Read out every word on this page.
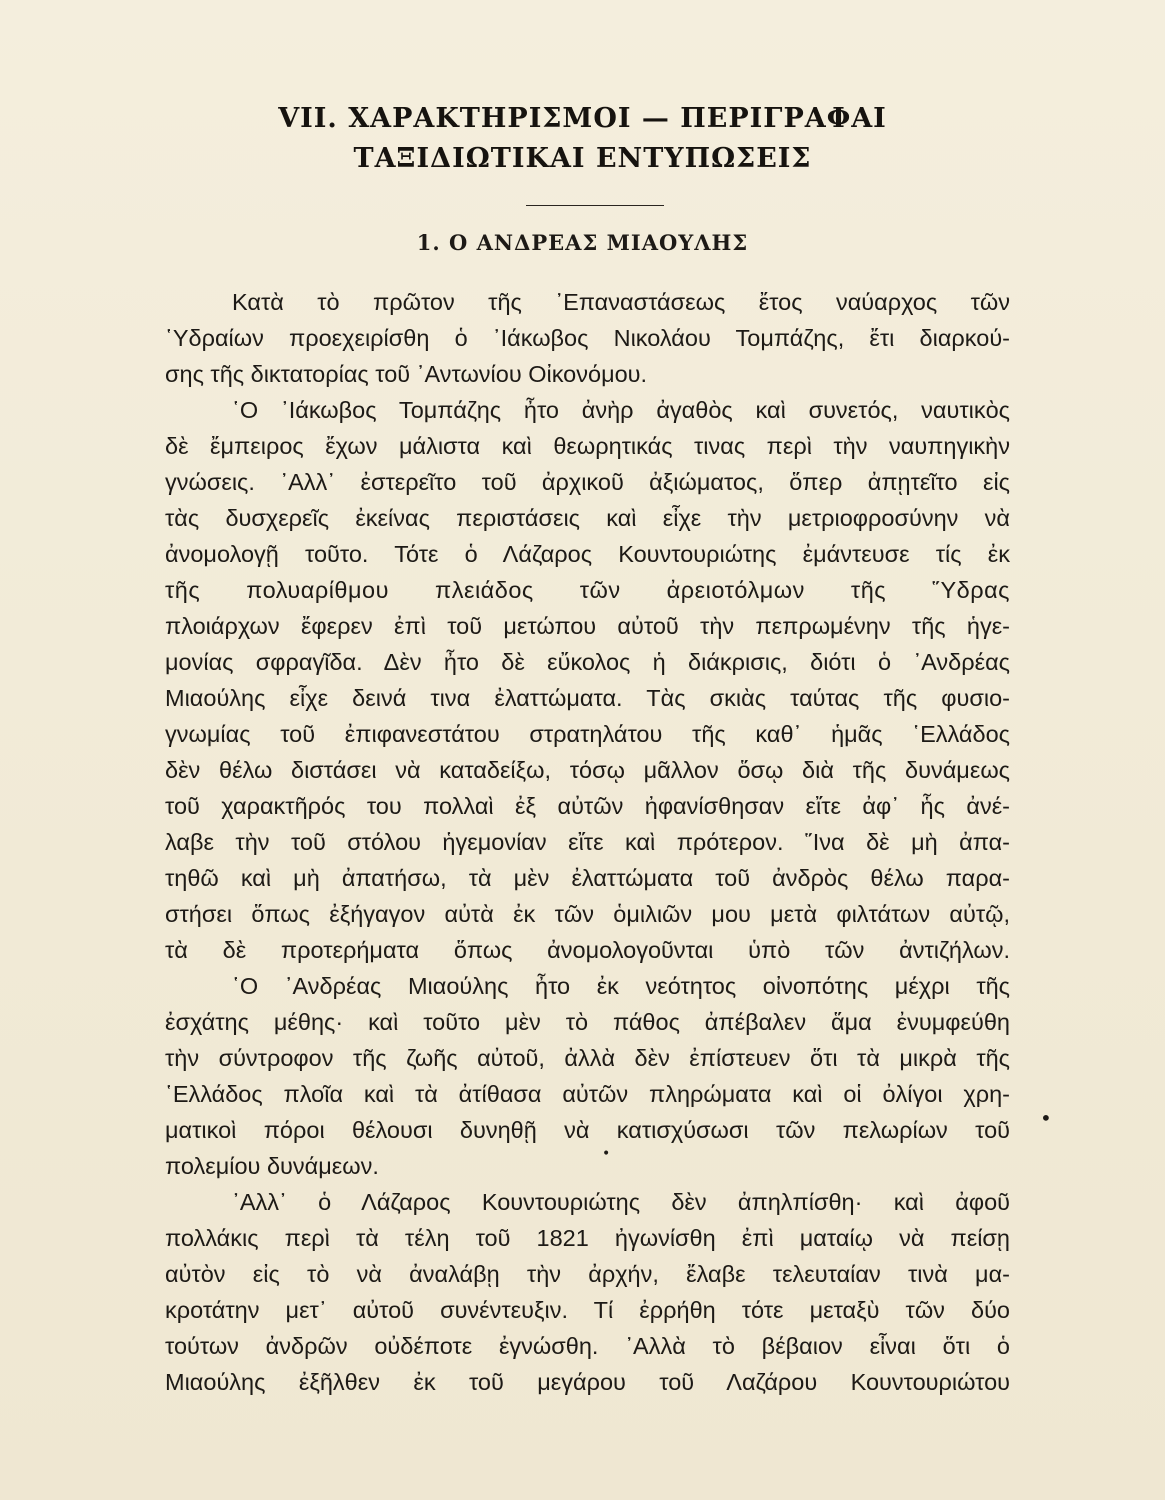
VII. ΧΑΡΑΚΤΗΡΙΣΜΟΙ — ΠΕΡΙΓΡΑΦΑΙ
ΤΑΞΙΔΙΩΤΙΚΑΙ ΕΝΤΥΠΩΣΕΙΣ
1. Ο ΑΝΔΡΕΑΣ ΜΙΑΟΥΛΗΣ
Κατὰ τὸ πρῶτον τῆς ᾽Επαναστάσεως ἔτος ναύαρχος τῶν
῾Υδραίων προεχειρίσθη ὁ ᾽Ιάκωβος Νικολάου Τομπάζης, ἔτι διαρκού-
σης τῆς δικτατορίας τοῦ ᾽Αντωνίου Οἰκονόμου.
῾Ο ᾽Ιάκωβος Τομπάζης ἦτο ἀνὴρ ἀγαθὸς καὶ συνετός, ναυτικὸς
δὲ ἔμπειρος ἔχων μάλιστα καὶ θεωρητικάς τινας περὶ τὴν ναυπηγικὴν
γνώσεις. ᾽Αλλ᾽ ἐστερεῖτο τοῦ ἀρχικοῦ ἀξιώματος, ὅπερ ἀπῃτεῖτο εἰς
τὰς δυσχερεῖς ἐκείνας περιστάσεις καὶ εἶχε τὴν μετριοφροσύνην νὰ
ἀνομολογῇ τοῦτο. Τότε ὁ Λάζαρος Κουντουριώτης ἐμάντευσε τίς ἐκ
τῆς πολυαρίθμου πλειάδος τῶν ἀρειοτόλμων τῆς ῞Υδρας
πλοιάρχων ἔφερεν ἐπὶ τοῦ μετώπου αὐτοῦ τὴν πεπρωμένην τῆς ἡγε-
μονίας σφραγῖδα. Δὲν ἦτο δὲ εὔκολος ἡ διάκρισις, διότι ὁ ᾽Ανδρέας
Μιαούλης εἶχε δεινά τινα ἐλαττώματα. Τὰς σκιὰς ταύτας τῆς φυσιο-
γνωμίας τοῦ ἐπιφανεστάτου στρατηλάτου τῆς καθ᾽ ἡμᾶς ῾Ελλάδος
δὲν θέλω διστάσει νὰ καταδείξω, τόσῳ μᾶλλον ὅσῳ διὰ τῆς δυνάμεως
τοῦ χαρακτῆρός του πολλαὶ ἐξ αὐτῶν ἠφανίσθησαν εἴτε ἀφ᾽ ἧς ἀνέ-
λαβε τὴν τοῦ στόλου ἡγεμονίαν εἴτε καὶ πρότερον. ῞Ινα δὲ μὴ ἀπα-
τηθῶ καὶ μὴ ἀπατήσω, τὰ μὲν ἐλαττώματα τοῦ ἀνδρὸς θέλω παρα-
στήσει ὅπως ἐξήγαγον αὐτὰ ἐκ τῶν ὁμιλιῶν μου μετὰ φιλτάτων αὐτῷ,
τὰ δὲ προτερήματα ὅπως ἀνομολογοῦνται ὑπὸ τῶν ἀντιζήλων.
῾Ο ᾽Ανδρέας Μιαούλης ἦτο ἐκ νεότητος οἰνοπότης μέχρι τῆς
ἐσχάτης μέθης· καὶ τοῦτο μὲν τὸ πάθος ἀπέβαλεν ἅμα ἐνυμφεύθη
τὴν σύντροφον τῆς ζωῆς αὐτοῦ, ἀλλὰ δὲν ἐπίστευεν ὅτι τὰ μικρὰ τῆς
῾Ελλάδος πλοῖα καὶ τὰ ἀτίθασα αὐτῶν πληρώματα καὶ οἱ ὀλίγοι χρη-
ματικοὶ πόροι θέλουσι δυνηθῇ νὰ κατισχύσωσι τῶν πελωρίων τοῦ
πολεμίου δυνάμεων.
᾽Αλλ᾽ ὁ Λάζαρος Κουντουριώτης δὲν ἀπηλπίσθη· καὶ ἀφοῦ
πολλάκις περὶ τὰ τέλη τοῦ 1821 ἠγωνίσθη ἐπὶ ματαίῳ νὰ πείσῃ
αὐτὸν εἰς τὸ νὰ ἀναλάβῃ τὴν ἀρχήν, ἔλαβε τελευταίαν τινὰ μα-
κροτάτην μετ᾽ αὐτοῦ συνέντευξιν. Τί ἐρρήθη τότε μεταξὺ τῶν δύο
τούτων ἀνδρῶν οὐδέποτε ἐγνώσθη. ᾽Αλλὰ τὸ βέβαιον εἶναι ὅτι ὁ
Μιαούλης ἐξῆλθεν ἐκ τοῦ μεγάρου τοῦ Λαζάρου Κουντουριώτου
•
•
